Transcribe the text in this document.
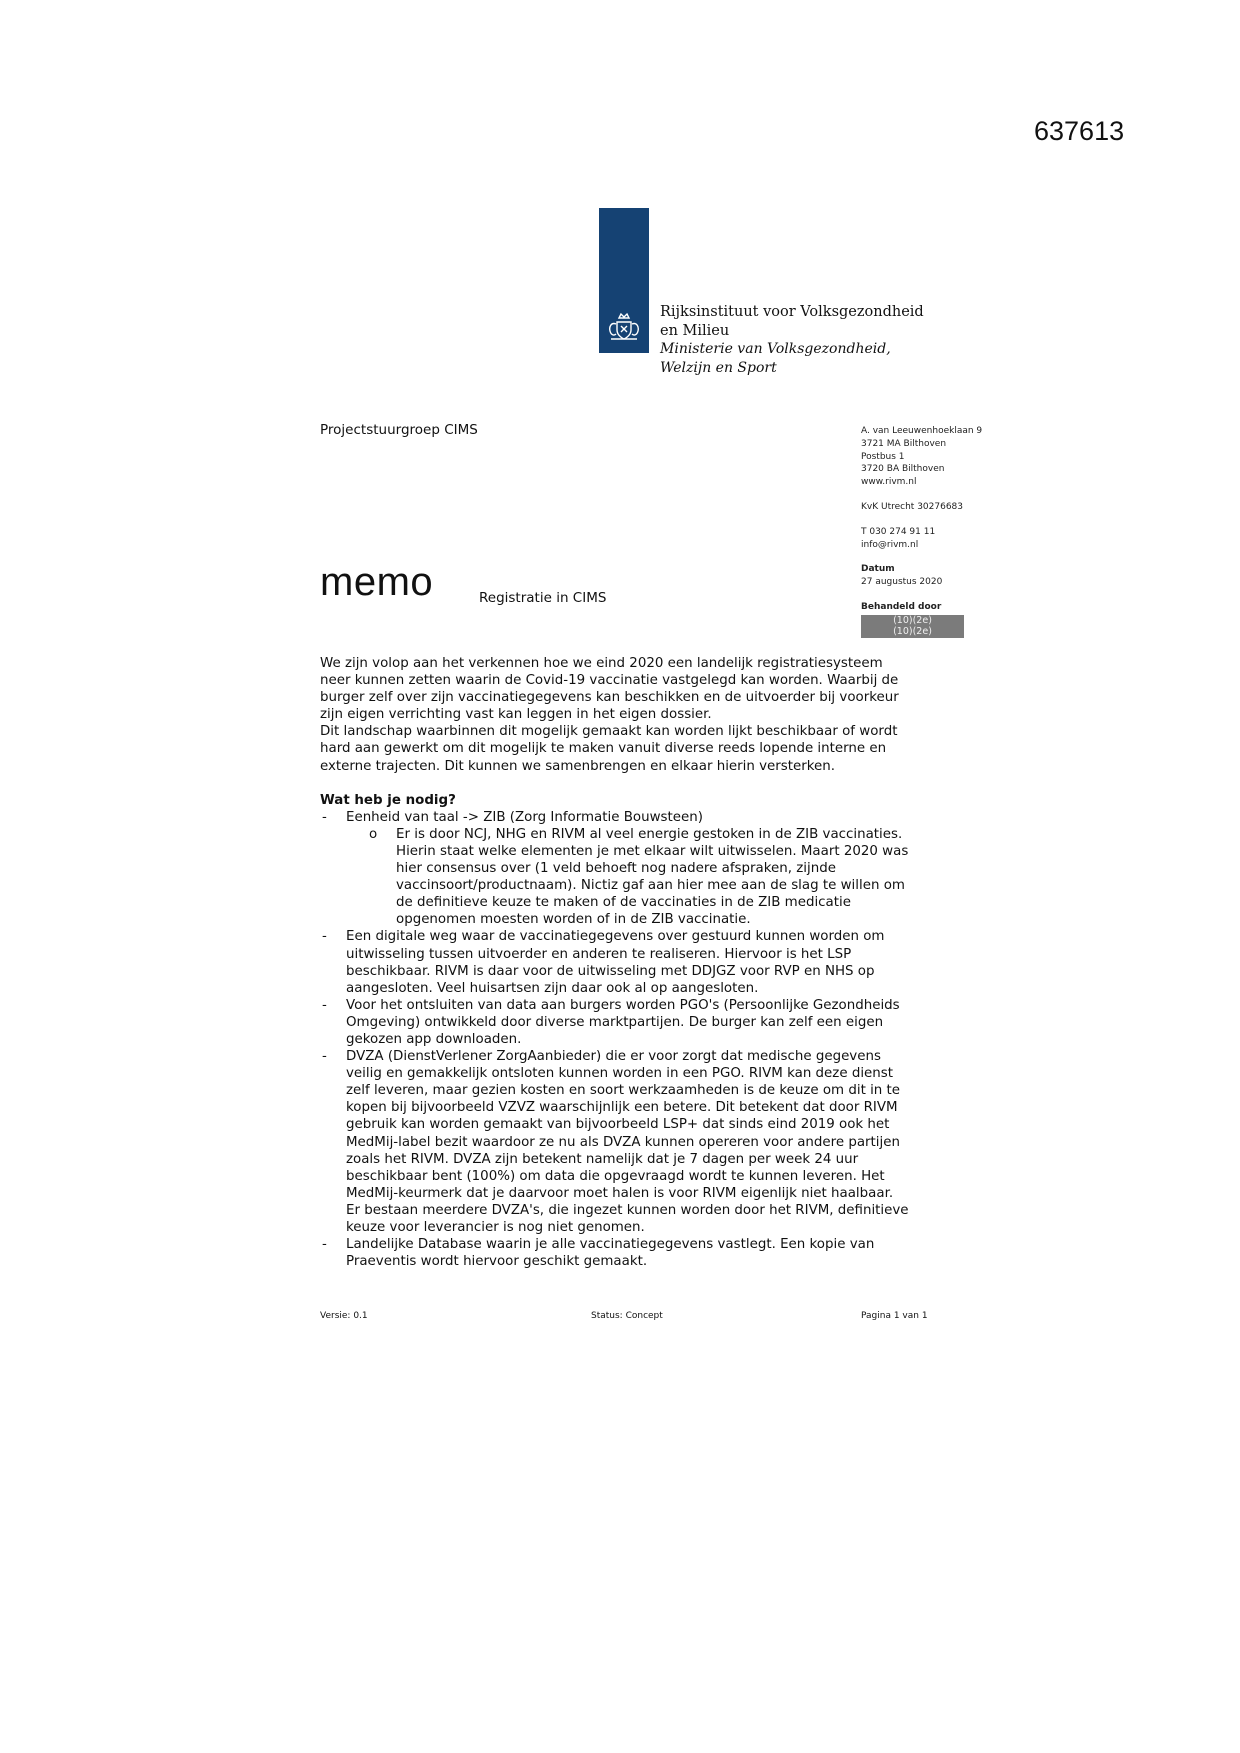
637613
Rijksinstituut voor Volksgezondheid
en Milieu
Ministerie van Volksgezondheid,
Welzijn en Sport
Projectstuurgroep CIMS	A. van Leeuwenhoeklaan 9
3721 MA Bilthoven
Postbus 1
3720 BA Bilthoven
www.rivm.nl
KvK Utrecht 30276683
T 030 274 91 11
info@rivm.nl
Datum
27 augustus 2020
Behandeld door
(10)(2e)
(10)(2e)
memo	Registratie in CIMS
We zijn volop aan het verkennen hoe we eind 2020 een landelijk registratiesysteem
neer kunnen zetten waarin de Covid-19 vaccinatie vastgelegd kan worden. Waarbij de
burger zelf over zijn vaccinatiegegevens kan beschikken en de uitvoerder bij voorkeur
zijn eigen verrichting vast kan leggen in het eigen dossier.
Dit landschap waarbinnen dit mogelijk gemaakt kan worden lijkt beschikbaar of wordt
hard aan gewerkt om dit mogelijk te maken vanuit diverse reeds lopende interne en
externe trajecten. Dit kunnen we samenbrengen en elkaar hierin versterken.
Wat heb je nodig?
- Eenheid van taal -> ZIB (Zorg Informatie Bouwsteen)
o Er is door NCJ, NHG en RIVM al veel energie gestoken in de ZIB vaccinaties.
Hierin staat welke elementen je met elkaar wilt uitwisselen. Maart 2020 was
hier consensus over (1 veld behoeft nog nadere afspraken, zijnde
vaccinsoort/productnaam). Nictiz gaf aan hier mee aan de slag te willen om
de definitieve keuze te maken of de vaccinaties in de ZIB medicatie
opgenomen moesten worden of in de ZIB vaccinatie.
- Een digitale weg waar de vaccinatiegegevens over gestuurd kunnen worden om
uitwisseling tussen uitvoerder en anderen te realiseren. Hiervoor is het LSP
beschikbaar. RIVM is daar voor de uitwisseling met DDJGZ voor RVP en NHS op
aangesloten. Veel huisartsen zijn daar ook al op aangesloten.
- Voor het ontsluiten van data aan burgers worden PGO's (Persoonlijke Gezondheids
Omgeving) ontwikkeld door diverse marktpartijen. De burger kan zelf een eigen
gekozen app downloaden.
- DVZA (DienstVerlener ZorgAanbieder) die er voor zorgt dat medische gegevens
veilig en gemakkelijk ontsloten kunnen worden in een PGO. RIVM kan deze dienst
zelf leveren, maar gezien kosten en soort werkzaamheden is de keuze om dit in te
kopen bij bijvoorbeeld VZVZ waarschijnlijk een betere. Dit betekent dat door RIVM
gebruik kan worden gemaakt van bijvoorbeeld LSP+ dat sinds eind 2019 ook het
MedMij-label bezit waardoor ze nu als DVZA kunnen opereren voor andere partijen
zoals het RIVM. DVZA zijn betekent namelijk dat je 7 dagen per week 24 uur
beschikbaar bent (100%) om data die opgevraagd wordt te kunnen leveren. Het
MedMij-keurmerk dat je daarvoor moet halen is voor RIVM eigenlijk niet haalbaar.
Er bestaan meerdere DVZA's, die ingezet kunnen worden door het RIVM, definitieve
keuze voor leverancier is nog niet genomen.
- Landelijke Database waarin je alle vaccinatiegegevens vastlegt. Een kopie van
Praeventis wordt hiervoor geschikt gemaakt.
Versie: 0.1	Status: Concept	Pagina 1 van 1
